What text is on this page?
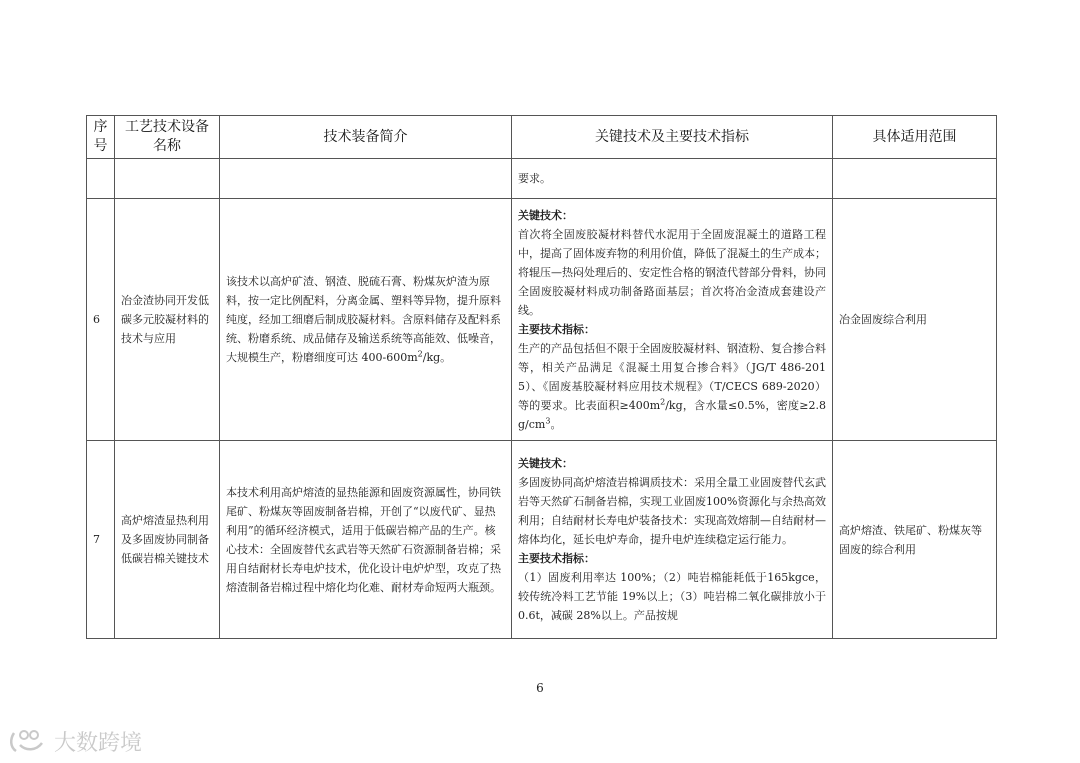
序号	工艺技术设备名称	技术装备简介	关键技术及主要技术指标	具体适用范围
			要求。	
6	冶金渣协同开发低碳多元胶凝材料的技术与应用	该技术以高炉矿渣、钢渣、脱硫石膏、粉煤灰炉渣为原料，按一定比例配料，分离金属、塑料等异物，提升原料纯度，经加工细磨后制成胶凝材料。含原料储存及配料系统、粉磨系统、成品储存及输送系统等高能效、低噪音，大规模生产，粉磨细度可达 $400-600m^2/kg$。	关键技术：
首次将全固废胶凝材料替代水泥用于全固废混凝土的道路工程中，提高了固体废弃物的利用价值，降低了混凝土的生产成本；将辊压—热闷处理后的、安定性合格的钢渣代替部分骨料，协同全固废胶凝材料成功制备路面基层；首次将冶金渣成套建设产线。
主要技术指标：
生产的产品包括但不限于全固废胶凝材料、钢渣粉、复合掺合料等，相关产品满足《混凝土用复合掺合料》（JG/T 486-2015）、《固废基胶凝材料应用技术规程》（T/CECS 689-2020）等的要求。比表面积$\ge 400m^2/kg$，含水量≤0.5%，密度$\ge 2.8g/cm^3$。	冶金固废综合利用
7	高炉熔渣显热利用及多固废协同制备低碳岩棉关键技术	本技术利用高炉熔渣的显热能源和固废资源属性，协同铁尾矿、粉煤灰等固废制备岩棉，开创了“以废代矿、显热利用”的循环经济模式，适用于低碳岩棉产品的生产。核心技术：全固废替代玄武岩等天然矿石资源制备岩棉；采用自结耐材长寿电炉技术，优化设计电炉炉型，攻克了热熔渣制备岩棉过程中熔化均化难、耐材寿命短两大瓶颈。	关键技术：
多固废协同高炉熔渣岩棉调质技术：采用全量工业固废替代玄武岩等天然矿石制备岩棉，实现工业固废100%资源化与余热高效利用；自结耐材长寿电炉装备技术：实现高效熔制—自结耐材—熔体均化，延长电炉寿命，提升电炉连续稳定运行能力。
主要技术指标：
（1）固废利用率达 100%；（2）吨岩棉能耗低于165kgce，较传统冷料工艺节能 19%以上；（3）吨岩棉二氧化碳排放小于 0.6t，减碳 28%以上。产品按规	高炉熔渣、铁尾矿、粉煤灰等固废的综合利用
6
大数跨境
